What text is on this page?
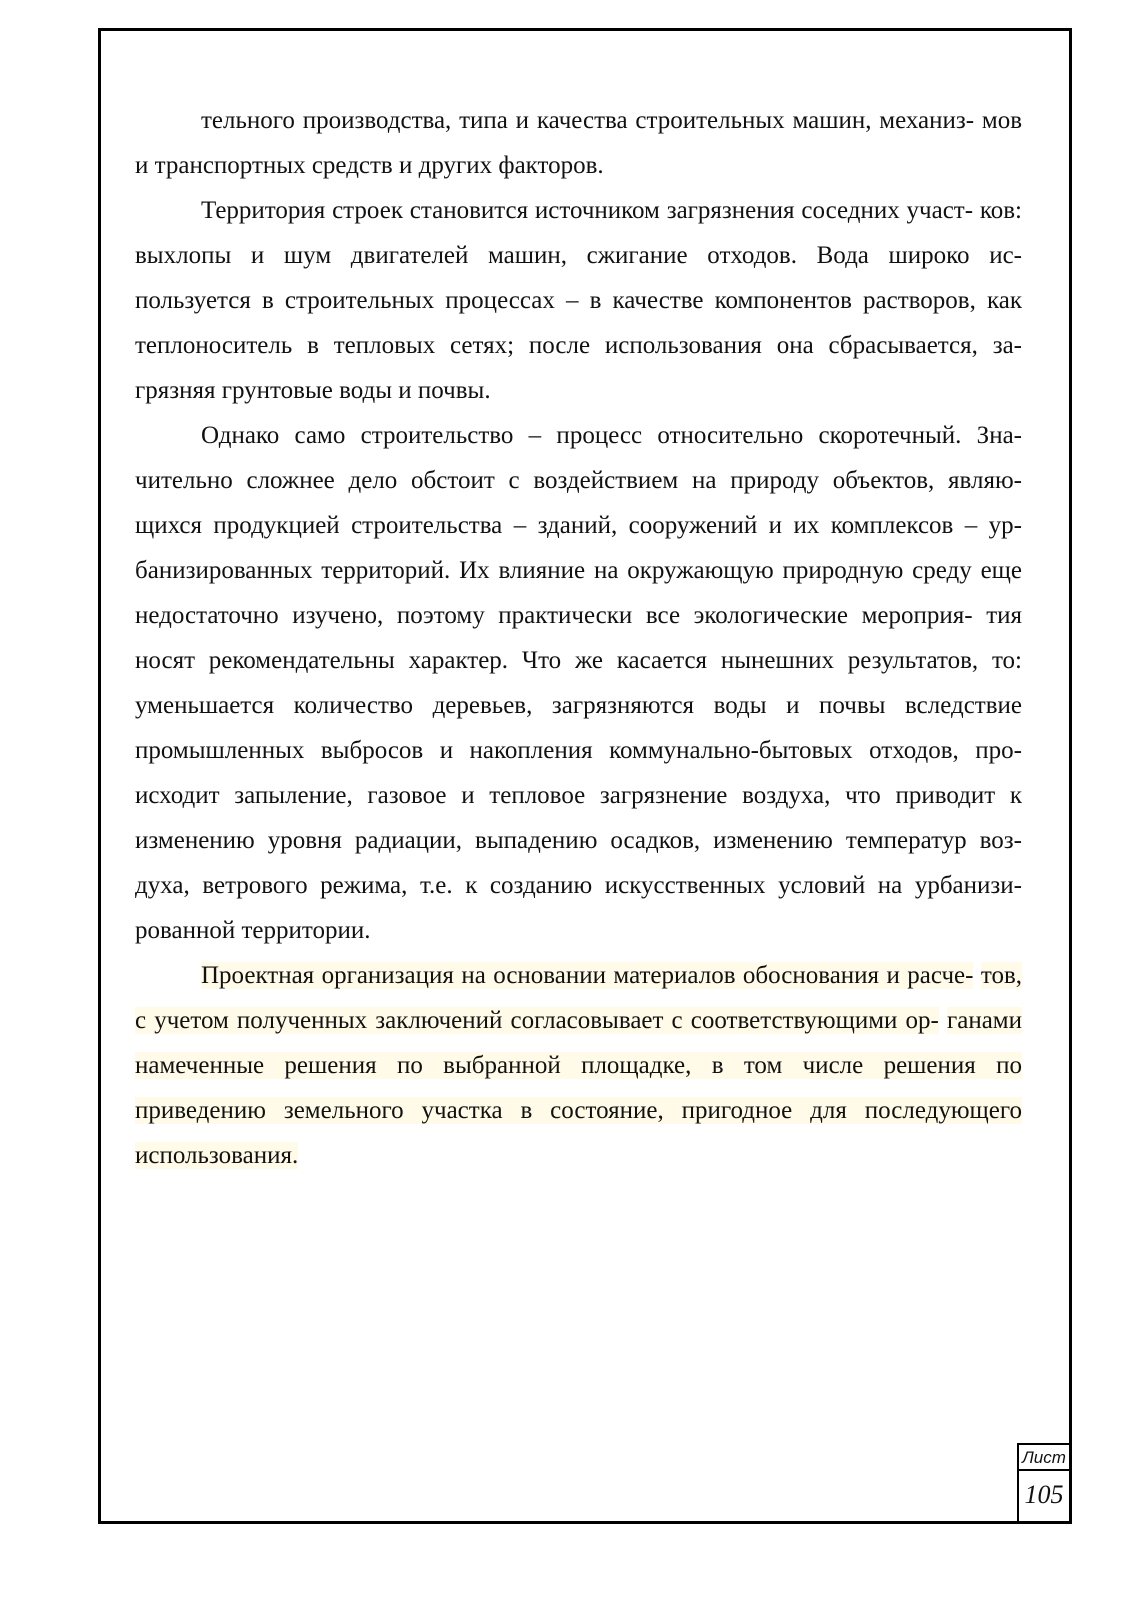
тельного производства, типа и качества строительных машин, механиз- мов и транспортных средств и других факторов.

Территория строек становится источником загрязнения соседних участ- ков: выхлопы и шум двигателей машин, сжигание отходов. Вода широко ис- пользуется в строительных процессах – в качестве компонентов растворов, как теплоноситель в тепловых сетях; после использования она сбрасывается, за- грязняя грунтовые воды и почвы.

Однако само строительство – процесс относительно скоротечный. Зна- чительно сложнее дело обстоит с воздействием на природу объектов, являю- щихся продукцией строительства – зданий, сооружений и их комплексов – ур- банизированных территорий. Их влияние на окружающую природную среду еще недостаточно изучено, поэтому практически все экологические мероприя- тия носят рекомендательны характер. Что же касается нынешних результатов, то: уменьшается количество деревьев, загрязняются воды и почвы вследствие промышленных выбросов и накопления коммунально-бытовых отходов, про- исходит запыление, газовое и тепловое загрязнение воздуха, что приводит к изменению уровня радиации, выпадению осадков, изменению температур воз- духа, ветрового режима, т.е. к созданию искусственных условий на урбанизи- рованной территории.

Проектная организация на основании материалов обоснования и расче- тов, с учетом полученных заключений согласовывает с соответствующими ор- ганами намеченные решения по выбранной площадке, в том числе решения по приведению земельного участка в состояние, пригодное для последующего использования.

Лист
105
